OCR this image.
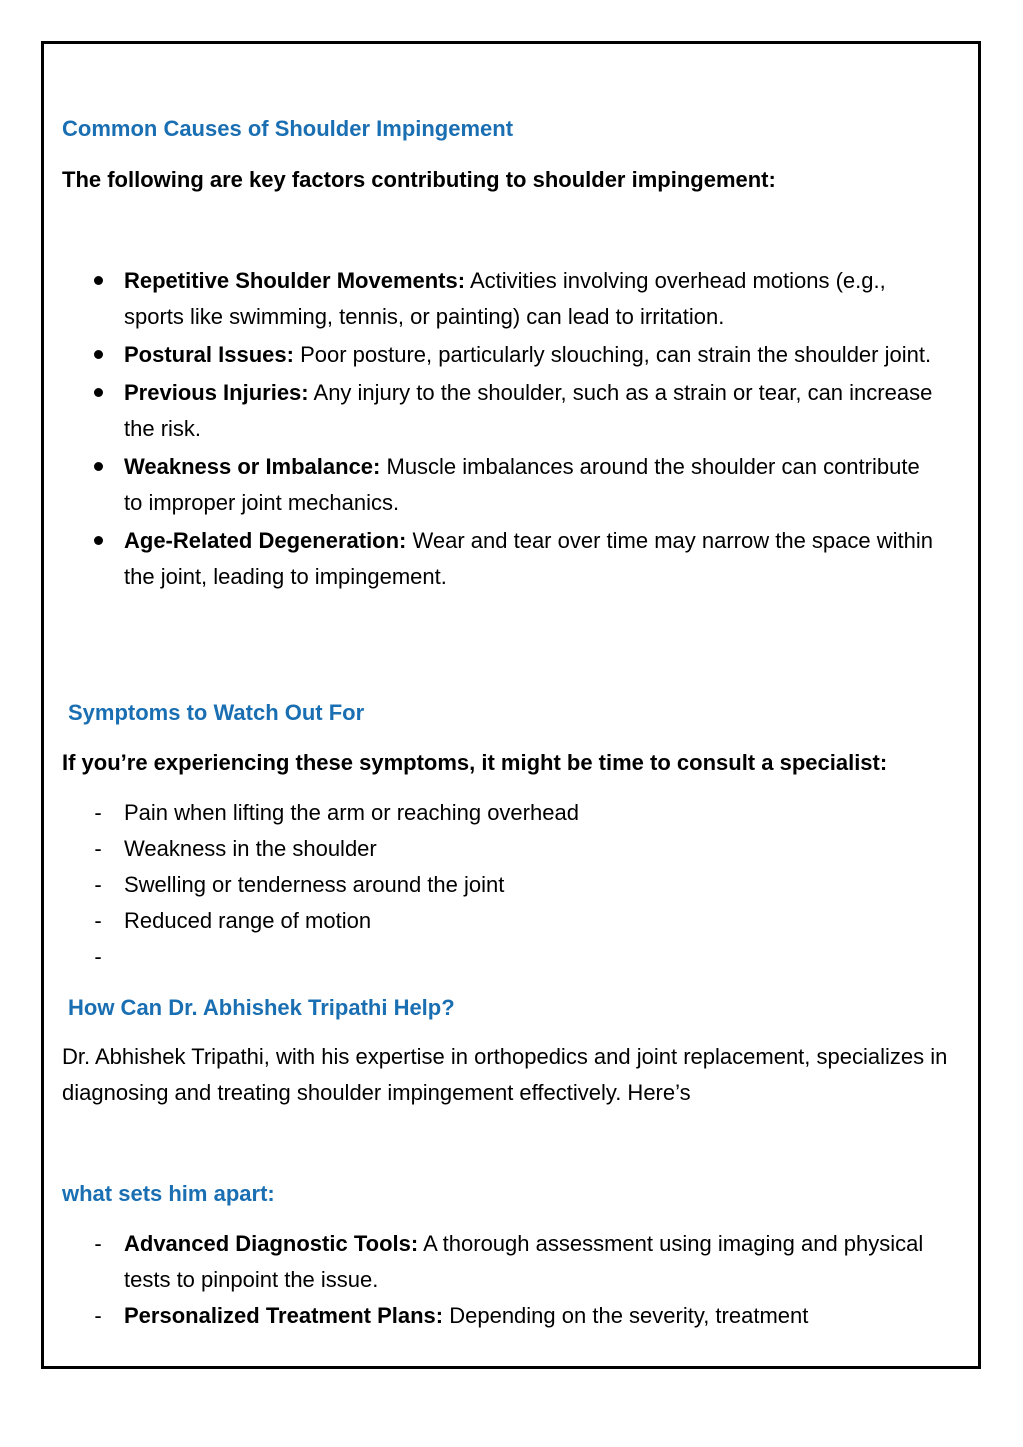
Common Causes of Shoulder Impingement
The following are key factors contributing to shoulder impingement:
Repetitive Shoulder Movements: Activities involving overhead motions (e.g., sports like swimming, tennis, or painting) can lead to irritation.
Postural Issues: Poor posture, particularly slouching, can strain the shoulder joint.
Previous Injuries: Any injury to the shoulder, such as a strain or tear, can increase the risk.
Weakness or Imbalance: Muscle imbalances around the shoulder can contribute to improper joint mechanics.
Age-Related Degeneration: Wear and tear over time may narrow the space within the joint, leading to impingement.
Symptoms to Watch Out For
If you’re experiencing these symptoms, it might be time to consult a specialist:
- Pain when lifting the arm or reaching overhead
- Weakness in the shoulder
- Swelling or tenderness around the joint
- Reduced range of motion
-
How Can Dr. Abhishek Tripathi Help?
Dr. Abhishek Tripathi, with his expertise in orthopedics and joint replacement, specializes in diagnosing and treating shoulder impingement effectively. Here’s
what sets him apart:
- Advanced Diagnostic Tools: A thorough assessment using imaging and physical tests to pinpoint the issue.
- Personalized Treatment Plans: Depending on the severity, treatment
